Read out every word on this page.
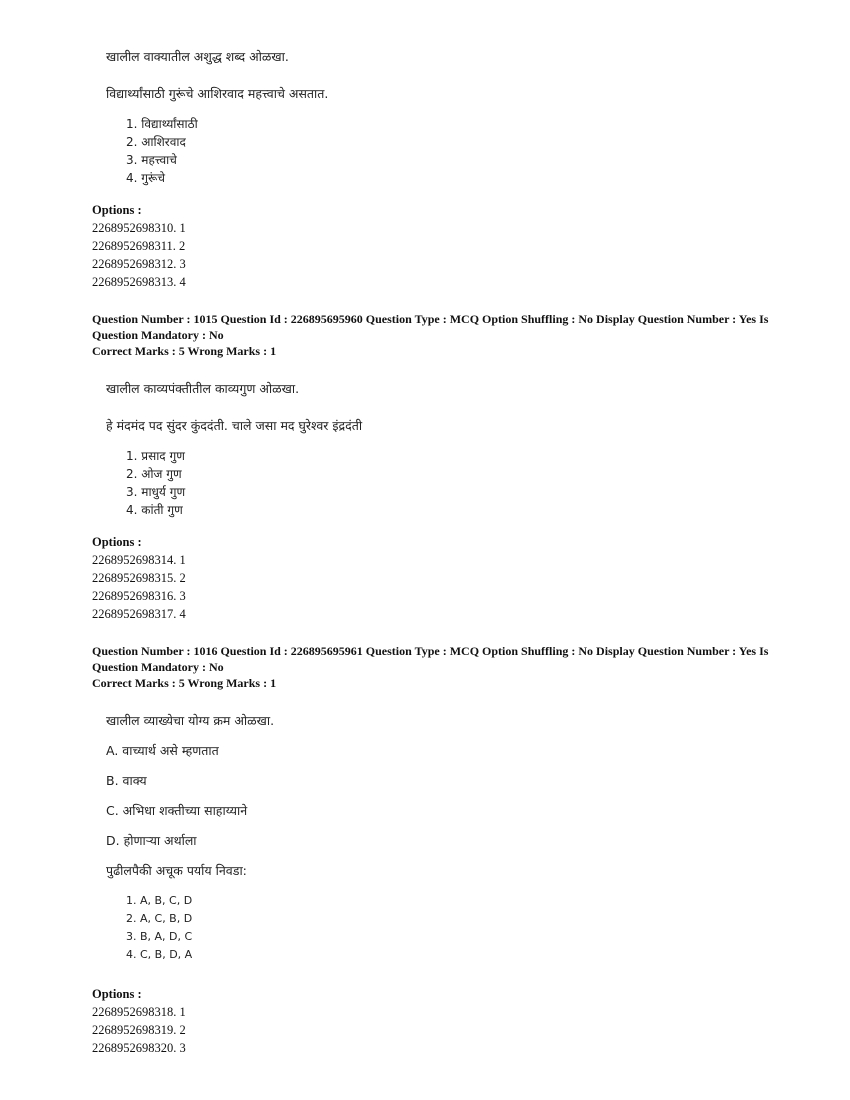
खालील वाक्यातील अशुद्ध शब्द ओळखा.

विद्यार्थ्यांसाठी गुरूंचे आशिरवाद महत्त्वाचे असतात.

1. विद्यार्थ्यांसाठी
2. आशिरवाद
3. महत्त्वाचे
4. गुरूंचे

Options :

2268952698310. 1

2268952698311. 2

2268952698312. 3

2268952698313. 4

Question Number : 1015 Question Id : 226895695960 Question Type : MCQ Option Shuffling : No Display Question Number : Yes Is

Question Mandatory : No

Correct Marks : 5 Wrong Marks : 1

खालील काव्यपंक्तीतील काव्यगुण ओळखा.

हे मंदमंद पद सुंदर कुंददंती. चाले जसा मद घुरेश्वर इंद्रदंती

1. प्रसाद गुण
2. ओज गुण
3. माधुर्य गुण
4. कांती गुण

Options :

2268952698314. 1

2268952698315. 2

2268952698316. 3

2268952698317. 4

Question Number : 1016 Question Id : 226895695961 Question Type : MCQ Option Shuffling : No Display Question Number : Yes Is

Question Mandatory : No

Correct Marks : 5 Wrong Marks : 1

खालील व्याख्येचा योग्य क्रम ओळखा.

A. वाच्यार्थ असे म्हणतात

B. वाक्य

C. अभिधा शक्तीच्या साहाय्याने

D. होणाऱ्या अर्थाला

पुढीलपैकी अचूक पर्याय निवडा:

1. A, B, C, D
2. A, C, B, D
3. B, A, D, C
4. C, B, D, A

Options :

2268952698318. 1

2268952698319. 2

2268952698320. 3
